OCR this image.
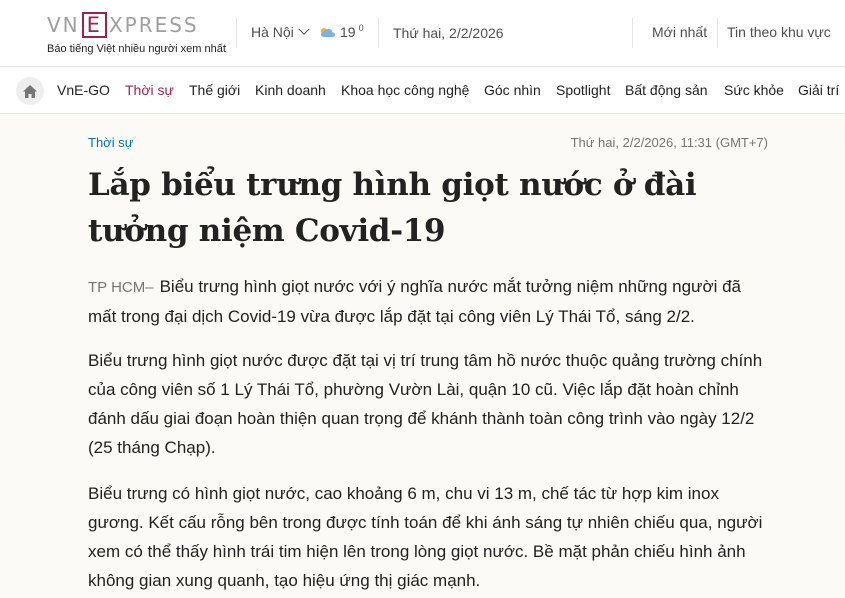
VN E XPRESS
Báo tiếng Việt nhiều người xem nhất
Hà Nội	19 $^0$ Thứ hai, 2/2/2026	Mới nhất Tin theo khu vực
VnE-GO Thời sự Thế giới Kinh doanh Khoa học công nghệ Góc nhìn Spotlight Bất động sản Sức khỏe Giải trí
Thời sự	Thứ hai, 2/2/2026, 11:31 (GMT+7)
Lắp biểu trưng hình giọt nước ở đài tưởng niệm Covid-19

TP HCM– Biểu trưng hình giọt nước với ý nghĩa nước mắt tưởng niệm những người đã mất trong đại dịch Covid-19 vừa được lắp đặt tại công viên Lý Thái Tổ, sáng 2/2.

Biểu trưng hình giọt nước được đặt tại vị trí trung tâm hồ nước thuộc quảng trường chính của công viên số 1 Lý Thái Tổ, phường Vườn Lài, quận 10 cũ. Việc lắp đặt hoàn chỉnh đánh dấu giai đoạn hoàn thiện quan trọng để khánh thành toàn công trình vào ngày 12/2 (25 tháng Chạp).

Biểu trưng có hình giọt nước, cao khoảng 6 m, chu vi 13 m, chế tác từ hợp kim inox gương. Kết cấu rỗng bên trong được tính toán để khi ánh sáng tự nhiên chiếu qua, người xem có thể thấy hình trái tim hiện lên trong lòng giọt nước. Bề mặt phản chiếu hình ảnh không gian xung quanh, tạo hiệu ứng thị giác mạnh.
